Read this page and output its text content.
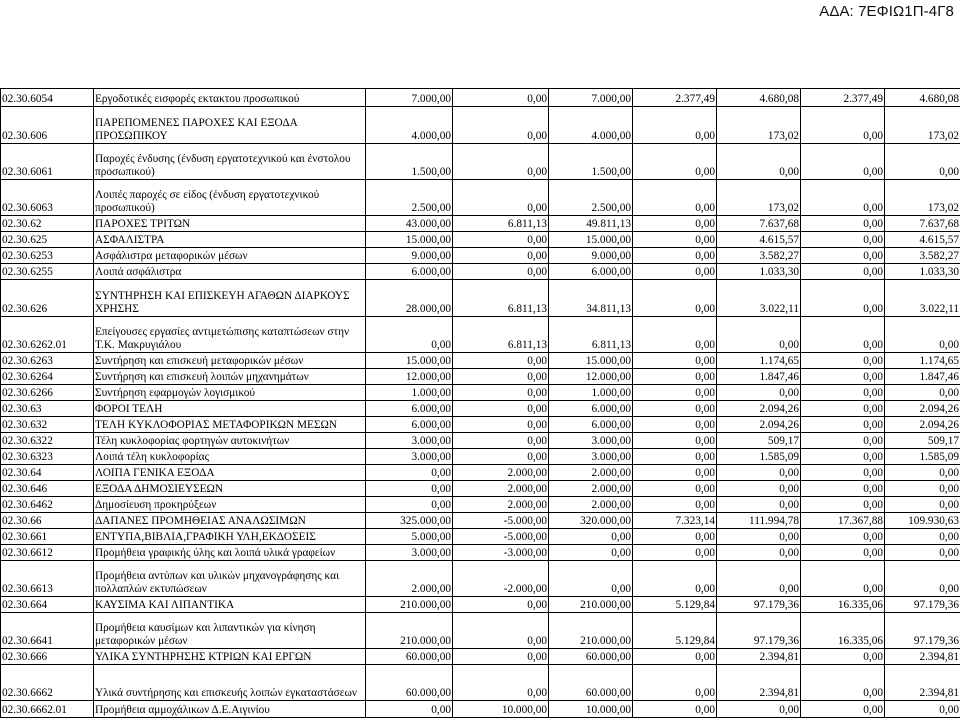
ΑΔΑ: 7ΕΦΙΩ1Π-4Γ8
02.30.6054	Εργοδοτικές εισφορές εκτακτου προσωπικού	7.000,00	0,00	7.000,00	2.377,49	4.680,08	2.377,49	4.680,08
02.30.606	ΠΑΡΕΠΟΜΕΝΕΣ ΠΑΡΟΧΕΣ ΚΑΙ ΕΞΟΔΑ ΠΡΟΣΩΠΙΚΟΥ	4.000,00	0,00	4.000,00	0,00	173,02	0,00	173,02
02.30.6061	Παροχές ένδυσης (ένδυση εργατοτεχνικού και ένστολου προσωπικού)	1.500,00	0,00	1.500,00	0,00	0,00	0,00	0,00
02.30.6063	Λοιπές παροχές σε είδος (ένδυση εργατοτεχνικού προσωπικού)	2.500,00	0,00	2.500,00	0,00	173,02	0,00	173,02
02.30.62	ΠΑΡΟΧΕΣ ΤΡΙΤΩΝ	43.000,00	6.811,13	49.811,13	0,00	7.637,68	0,00	7.637,68
02.30.625	ΑΣΦΑΛΙΣΤΡΑ	15.000,00	0,00	15.000,00	0,00	4.615,57	0,00	4.615,57
02.30.6253	Ασφάλιστρα μεταφορικών μέσων	9.000,00	0,00	9.000,00	0,00	3.582,27	0,00	3.582,27
02.30.6255	Λοιπά ασφάλιστρα	6.000,00	0,00	6.000,00	0,00	1.033,30	0,00	1.033,30
02.30.626	ΣΥΝΤΗΡΗΣΗ ΚΑΙ ΕΠΙΣΚΕΥΗ ΑΓΑΘΩΝ ΔΙΑΡΚΟΥΣ ΧΡΗΣΗΣ	28.000,00	6.811,13	34.811,13	0,00	3.022,11	0,00	3.022,11
02.30.6262.01	Επείγουσες εργασίες αντιμετώπισης καταπτώσεων στην Τ.Κ. Μακρυγιάλου	0,00	6.811,13	6.811,13	0,00	0,00	0,00	0,00
02.30.6263	Συντήρηση και επισκευή μεταφορικών μέσων	15.000,00	0,00	15.000,00	0,00	1.174,65	0,00	1.174,65
02.30.6264	Συντήρηση και επισκευή λοιπών μηχανημάτων	12.000,00	0,00	12.000,00	0,00	1.847,46	0,00	1.847,46
02.30.6266	Συντήρηση εφαρμογών λογισμικού	1.000,00	0,00	1.000,00	0,00	0,00	0,00	0,00
02.30.63	ΦΟΡΟΙ ΤΕΛΗ	6.000,00	0,00	6.000,00	0,00	2.094,26	0,00	2.094,26
02.30.632	ΤΕΛΗ ΚΥΚΛΟΦΟΡΙΑΣ ΜΕΤΑΦΟΡΙΚΩΝ ΜΕΣΩΝ	6.000,00	0,00	6.000,00	0,00	2.094,26	0,00	2.094,26
02.30.6322	Τέλη κυκλοφορίας φορτηγών αυτοκινήτων	3.000,00	0,00	3.000,00	0,00	509,17	0,00	509,17
02.30.6323	Λοιπά τέλη κυκλοφορίας	3.000,00	0,00	3.000,00	0,00	1.585,09	0,00	1.585,09
02.30.64	ΛΟΙΠΑ ΓΕΝΙΚΑ ΕΞΟΔΑ	0,00	2.000,00	2.000,00	0,00	0,00	0,00	0,00
02.30.646	ΕΞΟΔΑ ΔΗΜΟΣΙΕΥΣΕΩΝ	0,00	2.000,00	2.000,00	0,00	0,00	0,00	0,00
02.30.6462	Δημοσίευση προκηρύξεων	0,00	2.000,00	2.000,00	0,00	0,00	0,00	0,00
02.30.66	ΔΑΠΑΝΕΣ ΠΡΟΜΗΘΕΙΑΣ ΑΝΑΛΩΣΙΜΩΝ	325.000,00	-5.000,00	320.000,00	7.323,14	111.994,78	17.367,88	109.930,63
02.30.661	ΕΝΤΥΠΑ,ΒΙΒΛΙΑ,ΓΡΑΦΙΚΗ ΥΛΗ,ΕΚΔΟΣΕΙΣ	5.000,00	-5.000,00	0,00	0,00	0,00	0,00	0,00
02.30.6612	Προμήθεια γραφικής ύλης και λοιπά υλικά γραφείων	3.000,00	-3.000,00	0,00	0,00	0,00	0,00	0,00
02.30.6613	Προμήθεια αντύπων και υλικών μηχανογράφησης και πολλαπλών εκτυπώσεων	2.000,00	-2.000,00	0,00	0,00	0,00	0,00	0,00
02.30.664	ΚΑΥΣΙΜΑ ΚΑΙ ΛΙΠΑΝΤΙΚΑ	210.000,00	0,00	210.000,00	5.129,84	97.179,36	16.335,06	97.179,36
02.30.6641	Προμήθεια καυσίμων και λιπαντικών για κίνηση μεταφορικών μέσων	210.000,00	0,00	210.000,00	5.129,84	97.179,36	16.335,06	97.179,36
02.30.666	ΥΛΙΚΑ ΣΥΝΤΗΡΗΣΗΣ ΚΤΡΙΩΝ ΚΑΙ ΕΡΓΩΝ	60.000,00	0,00	60.000,00	0,00	2.394,81	0,00	2.394,81
02.30.6662	Υλικά συντήρησης και επισκευής λοιπών εγκαταστάσεων	60.000,00	0,00	60.000,00	0,00	2.394,81	0,00	2.394,81
02.30.6662.01	Προμήθεια αμμοχάλικων Δ.Ε.Αιγινίου	0,00	10.000,00	10.000,00	0,00	0,00	0,00	0,00
